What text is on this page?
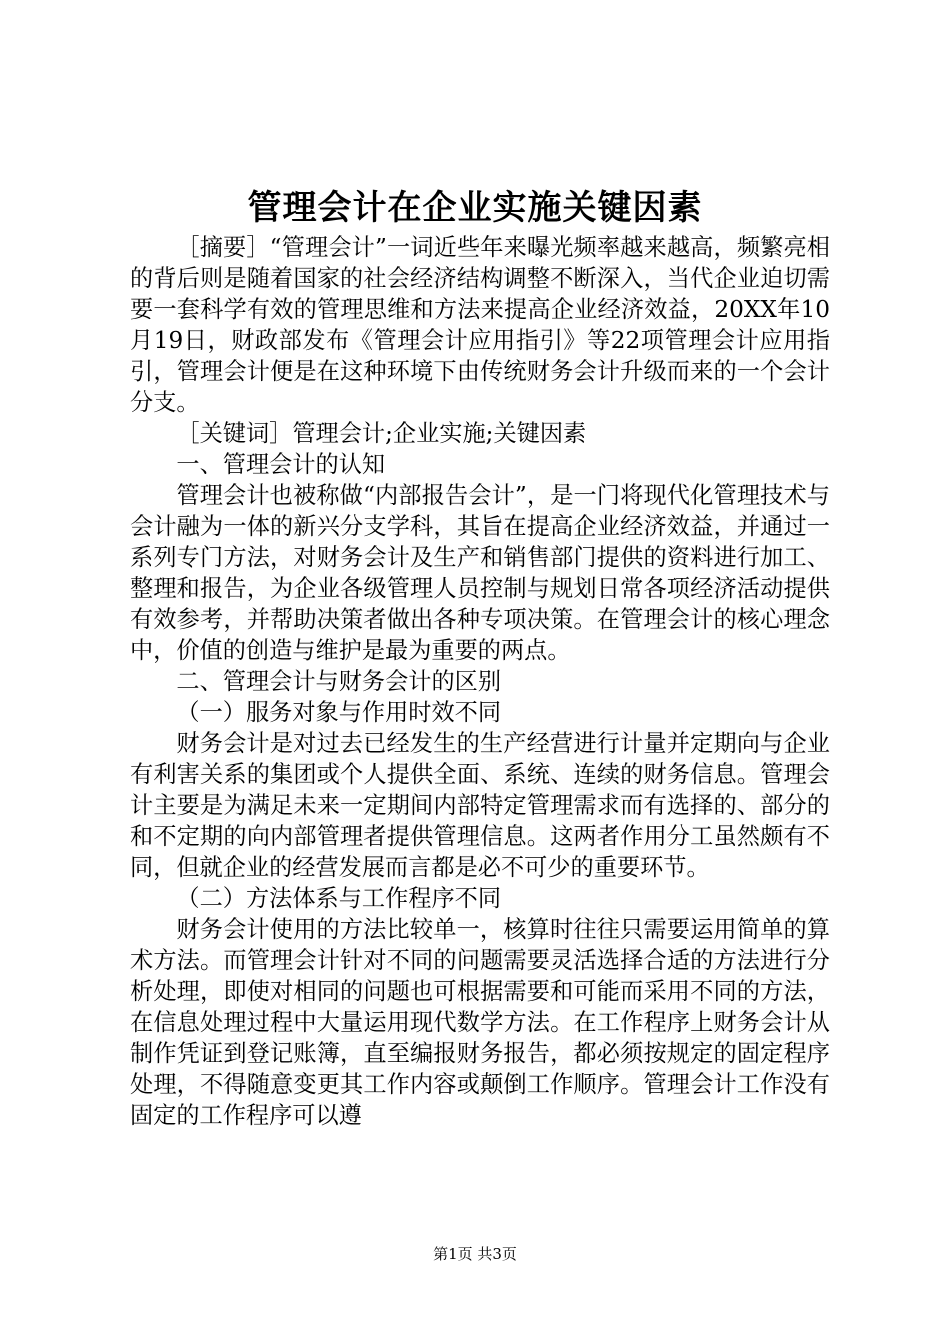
管理会计在企业实施关键因素

［摘要］“管理会计”一词近些年来曝光频率越来越高，频繁亮相的背后则是随着国家的社会经济结构调整不断深入，当代企业迫切需要一套科学有效的管理思维和方法来提高企业经济效益，20XX年10月19日，财政部发布《管理会计应用指引》等22项管理会计应用指引，管理会计便是在这种环境下由传统财务会计升级而来的一个会计分支。

［关键词］管理会计;企业实施;关键因素

一、管理会计的认知

管理会计也被称做“内部报告会计”，是一门将现代化管理技术与会计融为一体的新兴分支学科，其旨在提高企业经济效益，并通过一系列专门方法，对财务会计及生产和销售部门提供的资料进行加工、整理和报告，为企业各级管理人员控制与规划日常各项经济活动提供有效参考，并帮助决策者做出各种专项决策。在管理会计的核心理念中，价值的创造与维护是最为重要的两点。

二、管理会计与财务会计的区别

（一）服务对象与作用时效不同

财务会计是对过去已经发生的生产经营进行计量并定期向与企业有利害关系的集团或个人提供全面、系统、连续的财务信息。管理会计主要是为满足未来一定期间内部特定管理需求而有选择的、部分的和不定期的向内部管理者提供管理信息。这两者作用分工虽然颇有不同，但就企业的经营发展而言都是必不可少的重要环节。

（二）方法体系与工作程序不同

财务会计使用的方法比较单一，核算时往往只需要运用简单的算术方法。而管理会计针对不同的问题需要灵活选择合适的方法进行分析处理，即使对相同的问题也可根据需要和可能而采用不同的方法，在信息处理过程中大量运用现代数学方法。在工作程序上财务会计从制作凭证到登记账簿，直至编报财务报告，都必须按规定的固定程序处理，不得随意变更其工作内容或颠倒工作顺序。管理会计工作没有固定的工作程序可以遵

第1页 共3页
